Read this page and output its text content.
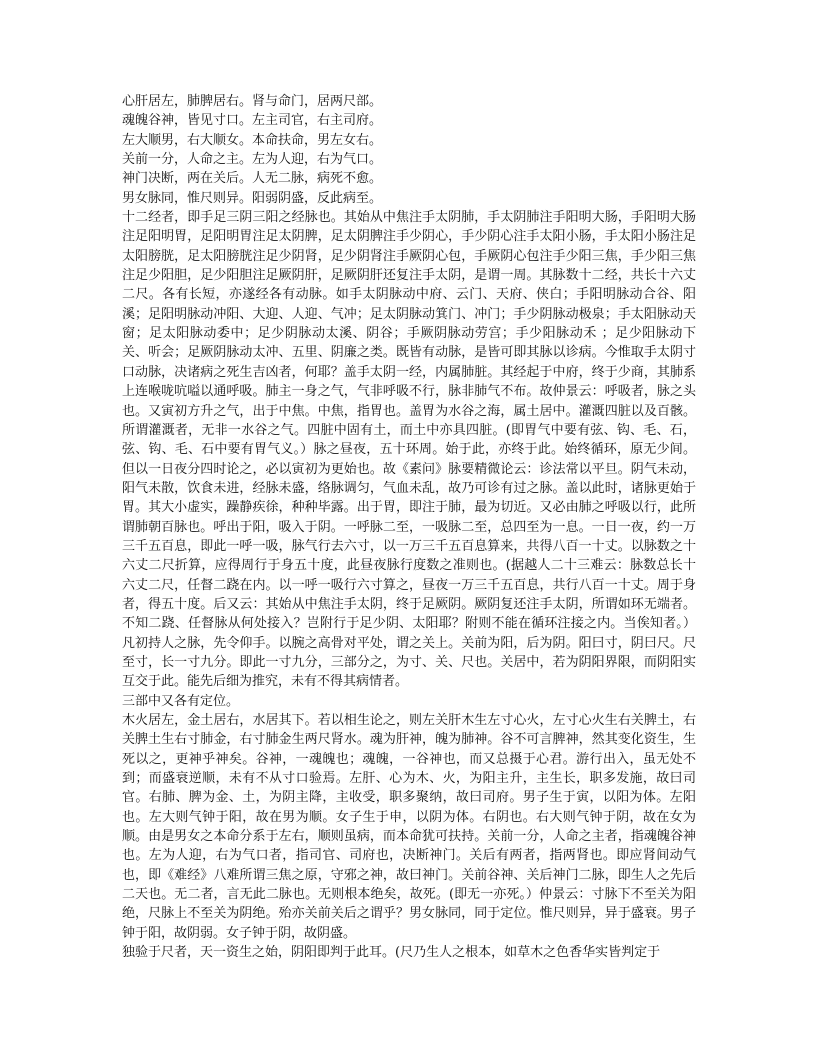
心肝居左，肺脾居右。肾与命门，居两尺部。

魂魄谷神，皆见寸口。左主司官，右主司府。

左大顺男，右大顺女。本命扶命，男左女右。

关前一分，人命之主。左为人迎，右为气口。

神门决断，两在关后。人无二脉，病死不愈。

男女脉同，惟尺则异。阳弱阴盛，反此病至。

十二经者，即手足三阴三阳之经脉也。其始从中焦注手太阴肺，手太阴肺注手阳明大肠，手阳明大肠注足阳明胃，足阳明胃注足太阴脾，足太阴脾注手少阴心，手少阴心注手太阳小肠，手太阳小肠注足太阳膀胱，足太阳膀胱注足少阴肾，足少阴肾注手厥阴心包，手厥阴心包注手少阳三焦，手少阳三焦注足少阳胆，足少阳胆注足厥阴肝，足厥阴肝还复注手太阴，是谓一周。其脉数十二经，共长十六丈二尺。各有长短，亦遂经各有动脉。如手太阴脉动中府、云门、天府、侠白；手阳明脉动合谷、阳溪；足阳明脉动冲阳、大迎、人迎、气冲；足太阴脉动箕门、冲门；手少阴脉动极泉；手太阳脉动天窗；足太阳脉动委中；足少阴脉动太溪、阴谷；手厥阴脉动劳宫；手少阳脉动禾 ；足少阳脉动下关、听会；足厥阴脉动太冲、五里、阴廉之类。既皆有动脉，是皆可即其脉以诊病。今惟取手太阴寸口动脉，决诸病之死生吉凶者，何耶？盖手太阴一经，内属肺脏。其经起于中府，终于少商，其肺系上连喉咙吭嗌以通呼吸。肺主一身之气，气非呼吸不行，脉非肺气不布。故仲景云：呼吸者，脉之头也。又寅初方升之气，出于中焦。中焦，指胃也。盖胃为水谷之海，属土居中。灌溉四脏以及百骸。所谓灌溉者，无非一水谷之气。四脏中固有土，而土中亦具四脏。(即胃气中要有弦、钩、毛、石，弦、钩、毛、石中要有胃气义。）脉之昼夜，五十环周。始于此，亦终于此。始终循环，原无少间。但以一日夜分四时论之，必以寅初为更始也。故《素问》脉要精微论云：诊法常以平旦。阴气未动，阳气未散，饮食未进，经脉未盛，络脉调匀，气血未乱，故乃可诊有过之脉。盖以此时，诸脉更始于胃。其大小虚实，躁静疾徐，种种毕露。出于胃，即注于肺，最为切近。又必由肺之呼吸以行，此所谓肺朝百脉也。呼出于阳，吸入于阴。一呼脉二至，一吸脉二至，总四至为一息。一日一夜，约一万三千五百息，即此一呼一吸，脉气行去六寸，以一万三千五百息算来，共得八百一十丈。以脉数之十六丈二尺折算，应得周行于身五十度，此昼夜脉行度数之准则也。(据越人二十三难云：脉数总长十六丈二尺，任督二跷在内。以一呼一吸行六寸算之，昼夜一万三千五百息，共行八百一十丈。周于身者，得五十度。后又云：其始从中焦注手太阴，终于足厥阴。厥阴复还注手太阴，所谓如环无端者。不知二跷、任督脉从何处接入？岂附行于足少阴、太阳耶？附则不能在循环注接之内。当俟知者。）凡初持人之脉，先令仰手。以腕之高骨对平处，谓之关上。关前为阳，后为阴。阳曰寸，阴曰尺。尺至寸，长一寸九分。即此一寸九分，三部分之，为寸、关、尺也。关居中，若为阴阳界限，而阴阳实互交于此。能先后细为推究，未有不得其病情者。

三部中又各有定位。

木火居左，金土居右，水居其下。若以相生论之，则左关肝木生左寸心火，左寸心火生右关脾土，右关脾土生右寸肺金，右寸肺金生两尺肾水。魂为肝神，魄为肺神。谷不可言脾神，然其变化资生，生死以之，更神乎神矣。谷神，一魂魄也；魂魄，一谷神也，而又总摄于心君。游行出入，虽无处不到；而盛衰逆顺，未有不从寸口验焉。左肝、心为木、火，为阳主升，主生长，职多发施，故曰司官。右肺、脾为金、土，为阴主降，主收受，职多聚纳，故曰司府。男子生于寅，以阳为体。左阳也。左大则气钟于阳，故在男为顺。女子生于申，以阴为体。右阴也。右大则气钟于阴，故在女为顺。由是男女之本命分系于左右，顺则虽病，而本命犹可扶持。关前一分，人命之主者，指魂魄谷神也。左为人迎，右为气口者，指司官、司府也，决断神门。关后有两者，指两肾也。即应肾间动气也，即《难经》八难所谓三焦之原，守邪之神，故曰神门。关前谷神、关后神门二脉，即生人之先后二天也。无二者，言无此二脉也。无则根本绝矣，故死。(即无一亦死。）仲景云：寸脉下不至关为阳绝，尺脉上不至关为阴绝。殆亦关前关后之谓乎？男女脉同，同于定位。惟尺则异，异于盛衰。男子钟于阳，故阴弱。女子钟于阴，故阴盛。

独验于尺者，天一资生之始，阴阳即判于此耳。(尺乃生人之根本，如草木之色香华实皆判定于
